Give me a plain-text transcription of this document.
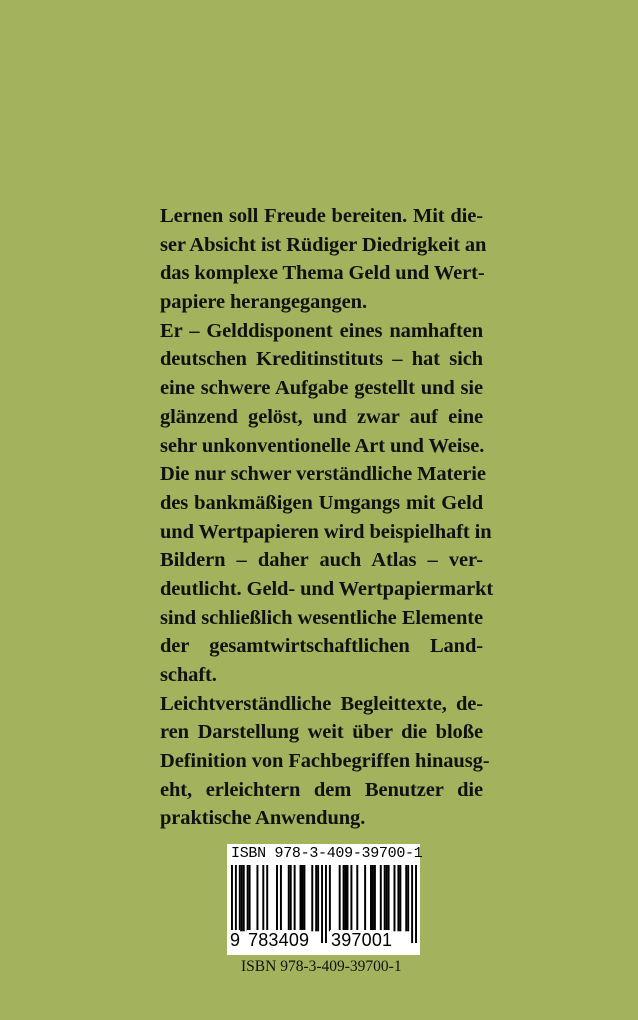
Lernen soll Freude bereiten. Mit die-
ser Absicht ist Rüdiger Diedrigkeit an
das komplexe Thema Geld und Wert-
papiere herangegangen.
Er – Gelddisponent eines namhaften
deutschen Kreditinstituts – hat sich
eine schwere Aufgabe gestellt und sie
glänzend gelöst, und zwar auf eine
sehr unkonventionelle Art und Weise.
Die nur schwer verständliche Materie
des bankmäßigen Umgangs mit Geld
und Wertpapieren wird beispielhaft in
Bildern – daher auch Atlas – ver-
deutlicht. Geld- und Wertpapiermarkt
sind schließlich wesentliche Elemente
der gesamtwirtschaftlichen Land-
schaft.
Leichtverständliche Begleittexte, de-
ren Darstellung weit über die bloße
Definition von Fachbegriffen hinausg-
eht, erleichtern dem Benutzer die
praktische Anwendung.
ISBN 978-3-409-39700-1
9 783409 397001
ISBN 978-3-409-39700-1
